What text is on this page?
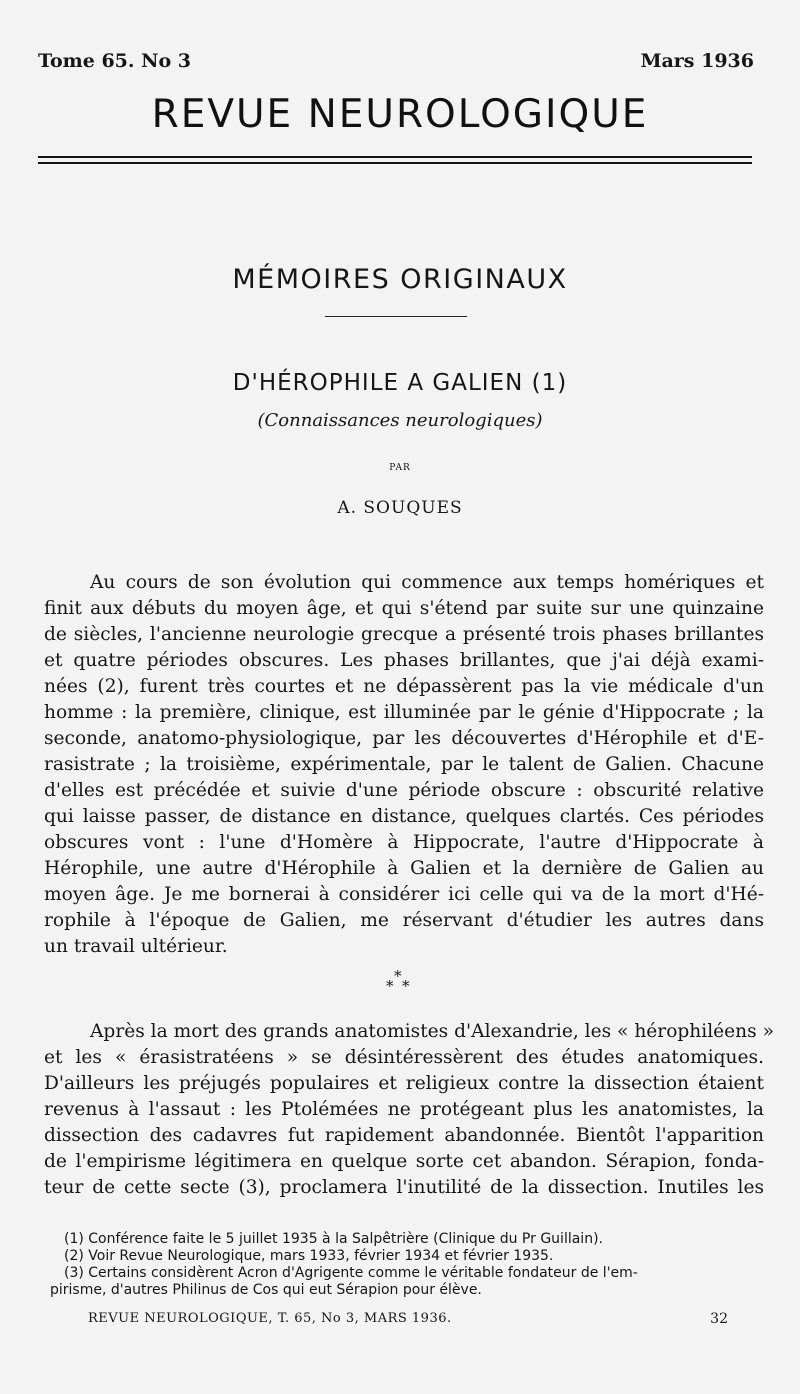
Tome 65. No 3	Mars 1936
REVUE NEUROLOGIQUE
MÉMOIRES ORIGINAUX
D'HÉROPHILE A GALIEN (1)
(Connaissances neurologiques)
PAR
A. SOUQUES
Au cours de son évolution qui commence aux temps homériques et
finit aux débuts du moyen âge, et qui s'étend par suite sur une quinzaine
de siècles, l'ancienne neurologie grecque a présenté trois phases brillantes
et quatre périodes obscures. Les phases brillantes, que j'ai déjà exami-
nées (2), furent très courtes et ne dépassèrent pas la vie médicale d'un
homme : la première, clinique, est illuminée par le génie d'Hippocrate ; la
seconde, anatomo-physiologique, par les découvertes d'Hérophile et d'E-
rasistrate ; la troisième, expérimentale, par le talent de Galien. Chacune
d'elles est précédée et suivie d'une période obscure : obscurité relative
qui laisse passer, de distance en distance, quelques clartés. Ces périodes
obscures vont : l'une d'Homère à Hippocrate, l'autre d'Hippocrate à
Hérophile, une autre d'Hérophile à Galien et la dernière de Galien au
moyen âge. Je me bornerai à considérer ici celle qui va de la mort d'Hé-
rophile à l'époque de Galien, me réservant d'étudier les autres dans
un travail ultérieur.
*
* *
Après la mort des grands anatomistes d'Alexandrie, les « hérophiléens »
et les « érasistratéens » se désintéressèrent des études anatomiques.
D'ailleurs les préjugés populaires et religieux contre la dissection étaient
revenus à l'assaut : les Ptolémées ne protégeant plus les anatomistes, la
dissection des cadavres fut rapidement abandonnée. Bientôt l'apparition
de l'empirisme légitimera en quelque sorte cet abandon. Sérapion, fonda-
teur de cette secte (3), proclamera l'inutilité de la dissection. Inutiles les
(1) Conférence faite le 5 juillet 1935 à la Salpêtrière (Clinique du Pr Guillain).
(2) Voir Revue Neurologique, mars 1933, février 1934 et février 1935.
(3) Certains considèrent Acron d'Agrigente comme le véritable fondateur de l'em-
pirisme, d'autres Philinus de Cos qui eut Sérapion pour élève.
REVUE NEUROLOGIQUE, T. 65, No 3, MARS 1936.	32
